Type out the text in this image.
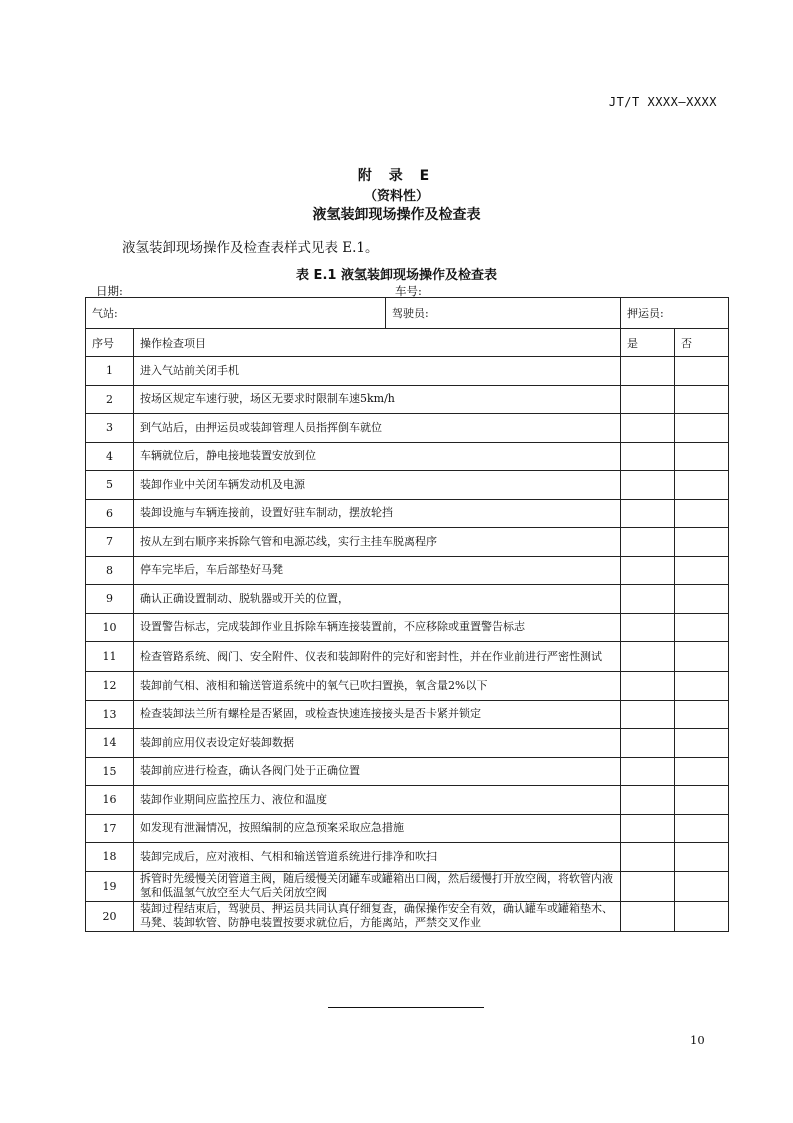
JT/T XXXX—XXXX
附 录 E
（资料性）
液氢装卸现场操作及检查表
液氢装卸现场操作及检查表样式见表 E.1。
表 E.1 液氢装卸现场操作及检查表
日期:	车号:
气站:		驾驶员:	押运员:	
序号	操作检查项目		是	否
1	进入气站前关闭手机			
2	按场区规定车速行驶，场区无要求时限制车速5km/h			
3	到气站后，由押运员或装卸管理人员指挥倒车就位			
4	车辆就位后，静电接地装置安放到位			
5	装卸作业中关闭车辆发动机及电源			
6	装卸设施与车辆连接前，设置好驻车制动，摆放轮挡			
7	按从左到右顺序来拆除气管和电源芯线，实行主挂车脱离程序			
8	停车完毕后，车后部垫好马凳			
9	确认正确设置制动、脱轨器或开关的位置，			
10	设置警告标志，完成装卸作业且拆除车辆连接装置前，不应移除或重置警告标志			
11	检查管路系统、阀门、安全附件、仪表和装卸附件的完好和密封性，并在作业前进行严密性测试			
12	装卸前气相、液相和输送管道系统中的氧气已吹扫置换，氧含量2%以下			
13	检查装卸法兰所有螺栓是否紧固，或检查快速连接接头是否卡紧并锁定			
14	装卸前应用仪表设定好装卸数据			
15	装卸前应进行检查，确认各阀门处于正确位置			
16	装卸作业期间应监控压力、液位和温度			
17	如发现有泄漏情况，按照编制的应急预案采取应急措施			
18	装卸完成后，应对液相、气相和输送管道系统进行排净和吹扫			
19	拆管时先缓慢关闭管道主阀，随后缓慢关闭罐车或罐箱出口阀，然后缓慢打开放空阀，将软管内液氢和低温氢气放空至大气后关闭放空阀			
20	装卸过程结束后，驾驶员、押运员共同认真仔细复查，确保操作安全有效，确认罐车或罐箱垫木、马凳、装卸软管、防静电装置按要求就位后，方能离站，严禁交叉作业			
10
